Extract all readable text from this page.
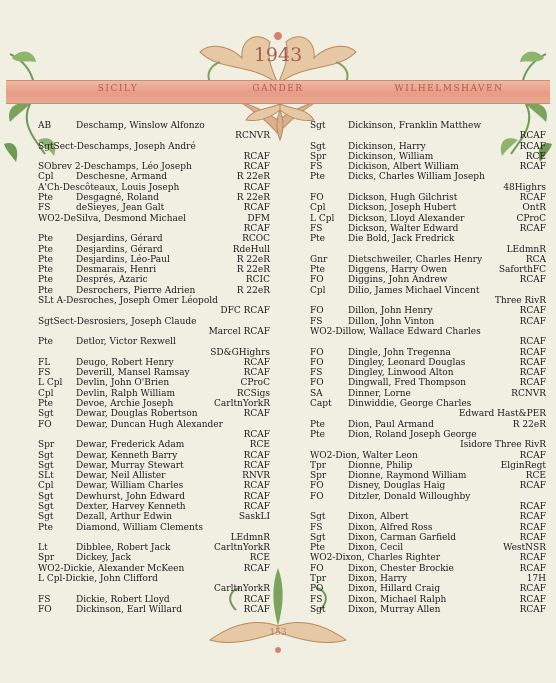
SICILY	GANDER	WILHELMSHAVEN
1943
AB	Deschamp, Winslow Alfonzo
RCNVR
SgtSect-Deschamps, Joseph André
RCAF
SObrev 2-Deschamps, Léo Joseph	RCAF
Cpl	Deschesne, Armand	R 22eR
A'Ch-Descôteaux, Louis Joseph	RCAF
Pte	Desgagné, Roland	R 22eR
FS	deSieyes, Jean Galt	RCAF
WO2-DeSilva, Desmond Michael	DFM
RCAF
Pte	Desjardins, Gérard	RCOC
Pte	Desjardins, Gérard	RdeHull
Pte	Desjardins, Léo-Paul	R 22eR
Pte	Desmarais, Henri	R 22eR
Pte	Després, Azaric	RCIC
Pte	Desrochers, Pierre Adrien	R 22eR
SLt A-Desroches, Joseph Omer Léopold
DFC RCAF
SgtSect-Desrosiers, Joseph Claude
Marcel RCAF
Pte	Detlor, Victor Rexwell
SD&GHighrs
FL	Deugo, Robert Henry	RCAF
FS	Deverill, Mansel Ramsay	RCAF
L Cpl	Devlin, John O'Brien	CProC
Cpl	Devlin, Ralph William	RCSigs
Pte	Devoe, Archie Joseph	CarltnYorkR
Sgt	Dewar, Douglas Robertson	RCAF
FO	Dewar, Duncan Hugh Alexander
RCAF
Spr	Dewar, Frederick Adam	RCE
Sgt	Dewar, Kenneth Barry	RCAF
Sgt	Dewar, Murray Stewart	RCAF
SLt	Dewar, Neil Allister	RNVR
Cpl	Dewar, William Charles	RCAF
Sgt	Dewhurst, John Edward	RCAF
Sgt	Dexter, Harvey Kenneth	RCAF
Sgt	Dezall, Arthur Edwin	SaskLI
Pte	Diamond, William Clements
LEdmnR
Lt	Dibblee, Robert Jack	CarltnYorkR
Spr	Dickey, Jack	RCE
WO2-Dickie, Alexander McKeen	RCAF
L Cpl-Dickie, John Clifford
CarltnYorkR
FS	Dickie, Robert Lloyd	RCAF
FO	Dickinson, Earl Willard	RCAF
Sgt	Dickinson, Franklin Matthew
RCAF
Sgt	Dickinson, Harry	RCAF
Spr	Dickinson, William	RCE
FS	Dickison, Albert William	RCAF
Pte	Dicks, Charles William Joseph
48Highrs
FO	Dickson, Hugh Gilchrist	RCAF
Cpl	Dickson, Joseph Hubert	OntR
L Cpl	Dickson, Lloyd Alexander	CProC
FS	Dickson, Walter Edward	RCAF
Pte	Die Bold, Jack Fredrick
LEdmnR
Gnr	Dietschweiler, Charles Henry	RCA
Pte	Diggens, Harry Owen	SaforthFC
FO	Diggins, John Andrew	RCAF
Cpl	Dilio, James Michael Vincent
Three RivR
FO	Dillon, John Henry	RCAF
FS	Dillon, John Vinton	RCAF
WO2-Dillow, Wallace Edward Charles
RCAF
FO	Dingle, John Tregenna	RCAF
FO	Dingley, Leonard Douglas	RCAF
FS	Dingley, Linwood Alton	RCAF
FO	Dingwall, Fred Thompson	RCAF
SA	Dinner, Lorne	RCNVR
Capt	Dinwiddie, George Charles
Edward Hast&PER
Pte	Dion, Paul Armand	R 22eR
Pte	Dion, Roland Joseph George
Isidore Three RivR
WO2-Dion, Walter Leon	RCAF
Tpr	Dionne, Philip	ElginRegt
Spr	Dionne, Raymond William	RCE
FO	Disney, Douglas Haig	RCAF
FO	Ditzler, Donald Willoughby
RCAF
Sgt	Dixon, Albert	RCAF
FS	Dixon, Alfred Ross	RCAF
Sgt	Dixon, Carman Garfield	RCAF
Pte	Dixon, Cecil	WestNSR
WO2-Dixon, Charles Righter	RCAF
FO	Dixon, Chester Brockie	RCAF
Tpr	Dixon, Harry	17H
PO	Dixon, Hillard Craig	RCAF
FS	Dixon, Michael Ralph	RCAF
Sgt	Dixon, Murray Allen	RCAF
153
